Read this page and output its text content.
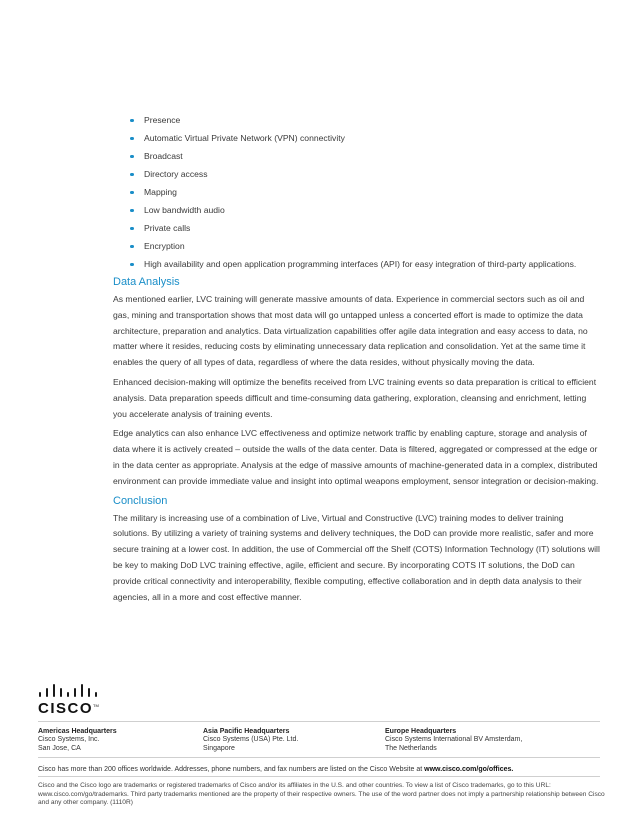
Presence
Automatic Virtual Private Network (VPN) connectivity
Broadcast
Directory access
Mapping
Low bandwidth audio
Private calls
Encryption
High availability and open application programming interfaces (API) for easy integration of third-party applications.
Data Analysis

As mentioned earlier, LVC training will generate massive amounts of data. Experience in commercial sectors such as oil and gas, mining and transportation shows that most data will go untapped unless a concerted effort is made to optimize the data architecture, preparation and analytics. Data virtualization capabilities offer agile data integration and easy access to data, no matter where it resides, reducing costs by eliminating unnecessary data replication and consolidation. Yet at the same time it enables the query of all types of data, regardless of where the data resides, without physically moving the data.

Enhanced decision-making will optimize the benefits received from LVC training events so data preparation is critical to efficient analysis. Data preparation speeds difficult and time-consuming data gathering, exploration, cleansing and enrichment, letting you accelerate analysis of training events.

Edge analytics can also enhance LVC effectiveness and optimize network traffic by enabling capture, storage and analysis of data where it is actively created – outside the walls of the data center. Data is filtered, aggregated or compressed at the edge or in the data center as appropriate. Analysis at the edge of massive amounts of machine-generated data in a complex, distributed environment can provide immediate value and insight into optimal weapons employment, sensor integration or decision-making.

Conclusion

The military is increasing use of a combination of Live, Virtual and Constructive (LVC) training modes to deliver training solutions. By utilizing a variety of training systems and delivery techniques, the DoD can provide more realistic, safer and more secure training at a lower cost. In addition, the use of Commercial off the Shelf (COTS) Information Technology (IT) solutions will be key to making DoD LVC training effective, agile, efficient and secure. By incorporating COTS IT solutions, the DoD can provide critical connectivity and interoperability, flexible computing, effective collaboration and in depth data analysis to their agencies, all in a more and cost effective manner.

CISCO™
Americas Headquarters
Cisco Systems, Inc.
San Jose, CA
Asia Pacific Headquarters
Cisco Systems (USA) Pte. Ltd.
Singapore
Europe Headquarters
Cisco Systems International BV Amsterdam,
The Netherlands
Cisco has more than 200 offices worldwide. Addresses, phone numbers, and fax numbers are listed on the Cisco Website at www.cisco.com/go/offices.
Cisco and the Cisco logo are trademarks or registered trademarks of Cisco and/or its affiliates in the U.S. and other countries. To view a list of Cisco trademarks, go to this URL: www.cisco.com/go/trademarks. Third party trademarks mentioned are the property of their respective owners. The use of the word partner does not imply a partnership relationship between Cisco and any other company. (1110R)
